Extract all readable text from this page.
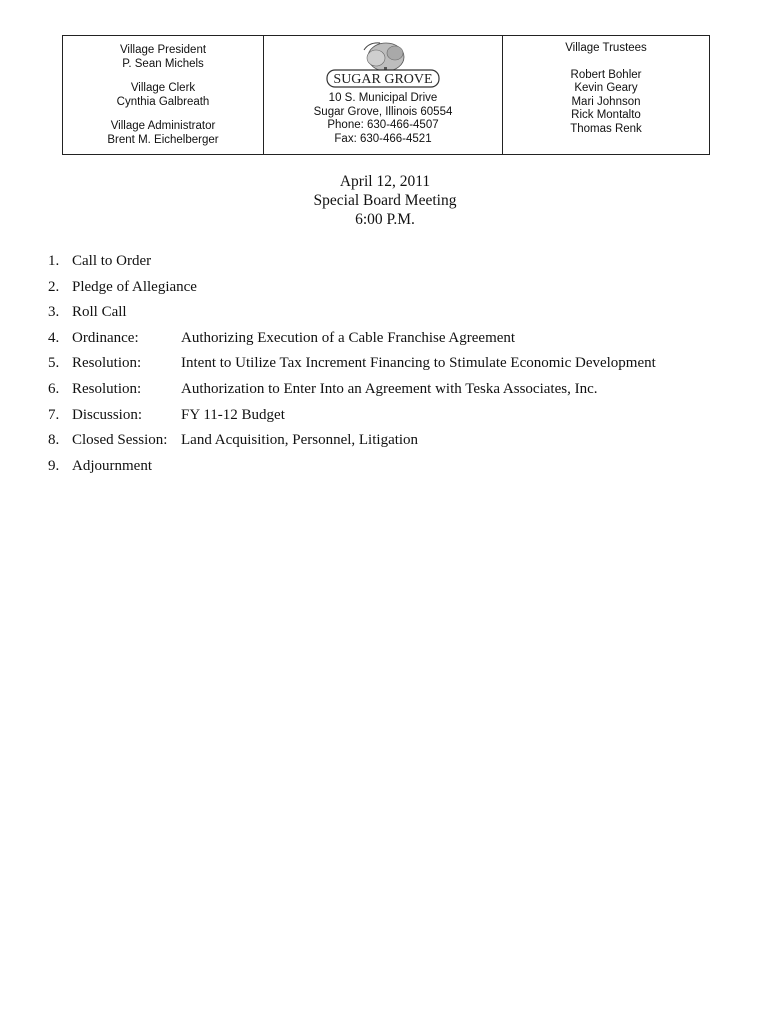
Village President
P. Sean Michels
Village Clerk
Cynthia Galbreath
Village Administrator
Brent M. Eichelberger
SUGAR GROVE
10 S. Municipal Drive
Sugar Grove, Illinois 60554
Phone: 630-466-4507
Fax: 630-466-4521
Village Trustees
Robert Bohler
Kevin Geary
Mari Johnson
Rick Montalto
Thomas Renk
April 12, 2011
Special Board Meeting
6:00 P.M.
1. Call to Order
2. Pledge of Allegiance
3. Roll Call
4. Ordinance:	Authorizing Execution of a Cable Franchise Agreement
5. Resolution:	Intent to Utilize Tax Increment Financing to Stimulate Economic Development
6. Resolution:	Authorization to Enter Into an Agreement with Teska Associates, Inc.
7. Discussion:	FY 11-12 Budget
8. Closed Session: Land Acquisition, Personnel, Litigation
9. Adjournment
